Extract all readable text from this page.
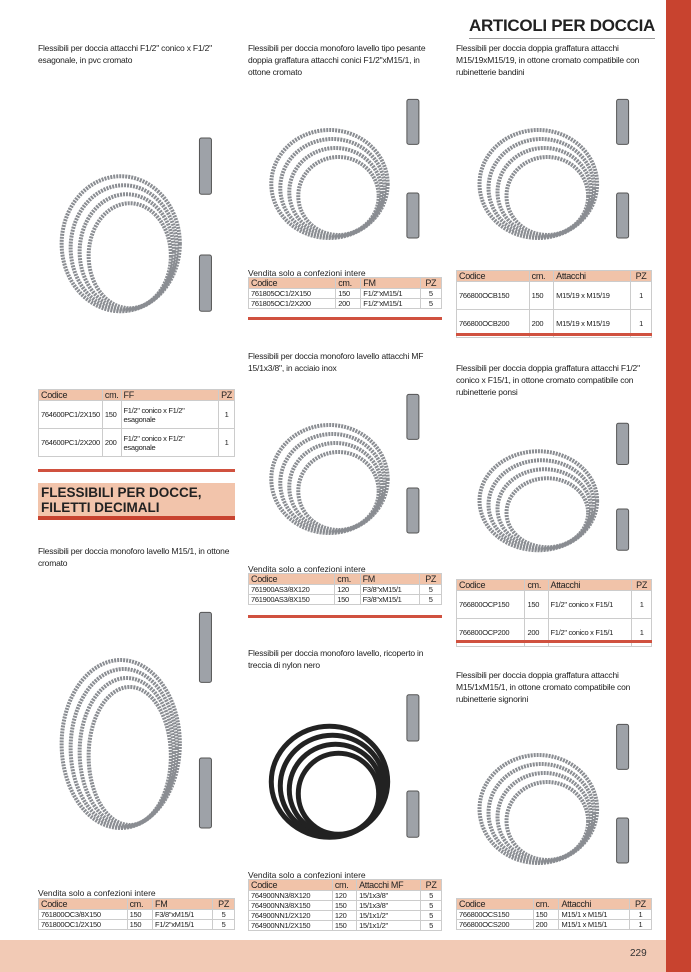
229
ARTICOLI PER DOCCIA
FLESSIBILI PER DOCCE, FILETTI DECIMALI
Flessibili per doccia attacchi F1/2" conico x F1/2" esagonale, in pvc cromato
Codice	cm.	FF	PZ
764600PC1/2X150	150	F1/2" conico x F1/2" esagonale	1
764600PC1/2X200	200	F1/2" conico x F1/2" esagonale	1
Flessibili per doccia monoforo lavello tipo pesante doppia graffatura attacchi conici F1/2"xM15/1, in ottone cromato
Vendita solo a confezioni intere
Codice	cm.	FM	PZ
761805OC1/2X150	150	F1/2"xM15/1	5
761805OC1/2X200	200	F1/2"xM15/1	5
Flessibili per doccia doppia graffatura attacchi M15/19xM15/19, in ottone cromato compatibile con rubinetterie bandini
Codice	cm.	Attacchi	PZ
766800OCB150	150	M15/19 x M15/19	1
766800OCB200	200	M15/19 x M15/19	1
Flessibili per doccia monoforo lavello attacchi MF 15/1x3/8", in acciaio inox
Vendita solo a confezioni intere
Codice	cm.	FM	PZ
761900AS3/8X120	120	F3/8"xM15/1	5
761900AS3/8X150	150	F3/8"xM15/1	5
Flessibili per doccia doppia graffatura attacchi F1/2" conico x F15/1, in ottone cromato compatibile con rubinetterie ponsi
Codice	cm.	Attacchi	PZ
766800OCP150	150	F1/2" conico x F15/1	1
766800OCP200	200	F1/2" conico x F15/1	1
Flessibili per doccia monoforo lavello M15/1, in ottone cromato
Vendita solo a confezioni intere
Codice	cm.	FM	PZ
761800OC3/8X150	150	F3/8"xM15/1	5
761800OC1/2X150	150	F1/2"xM15/1	5
Flessibili per doccia monoforo lavello, ricoperto in treccia di nylon nero
Vendita solo a confezioni intere
Codice	cm.	Attacchi MF	PZ
764900NN3/8X120	120	15/1x3/8"	5
764900NN3/8X150	150	15/1x3/8"	5
764900NN1/2X120	120	15/1x1/2"	5
764900NN1/2X150	150	15/1x1/2"	5
Flessibili per doccia doppia graffatura attacchi M15/1xM15/1, in ottone cromato compatibile con rubinetterie signorini
Codice	cm.	Attacchi	PZ
766800OCS150	150	M15/1 x M15/1	1
766800OCS200	200	M15/1 x M15/1	1
